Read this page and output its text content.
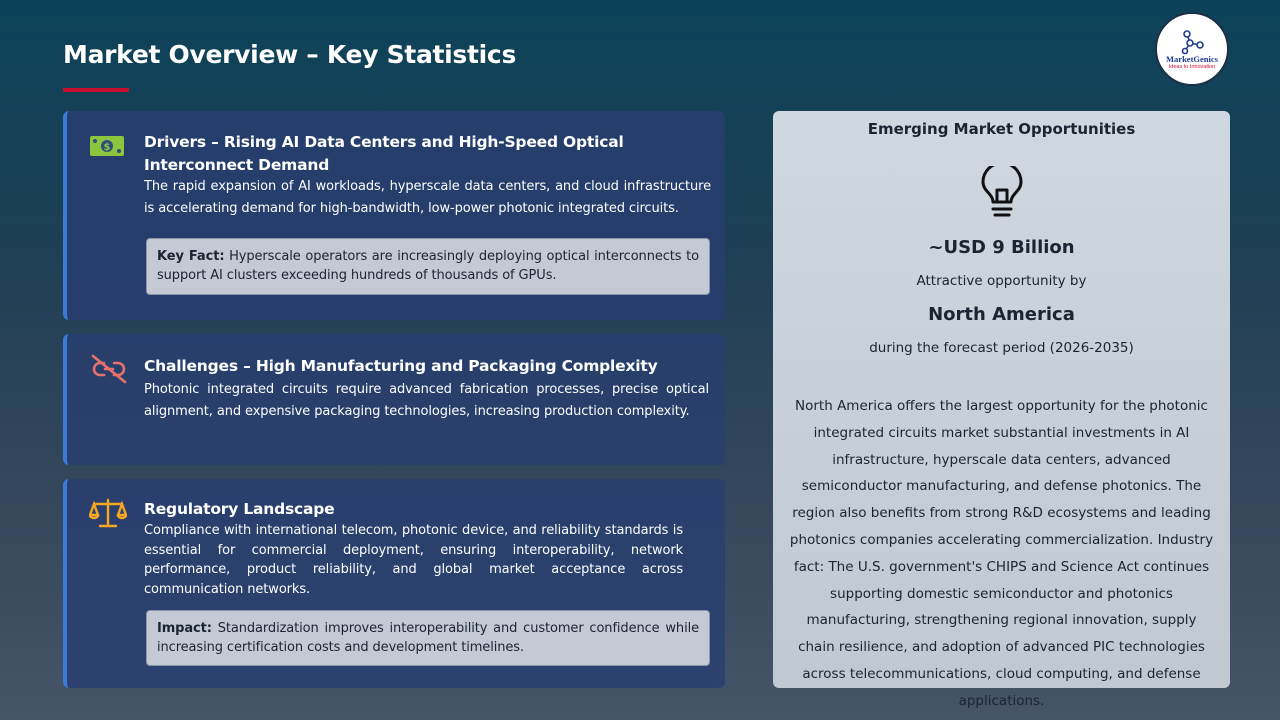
Market Overview – Key Statistics	MarketGenics
Ideas to Innovation
$ Drivers – Rising AI Data Centers and High-Speed Optical Interconnect Demand

The rapid expansion of AI workloads, hyperscale data centers, and cloud infrastructure is accelerating demand for high-bandwidth, low-power photonic integrated circuits.

Key Fact: Hyperscale operators are increasingly deploying optical interconnects to support AI clusters exceeding hundreds of thousands of GPUs.
Challenges – High Manufacturing and Packaging Complexity

Photonic integrated circuits require advanced fabrication processes, precise optical alignment, and expensive packaging technologies, increasing production complexity.

Regulatory Landscape

Compliance with international telecom, photonic device, and reliability standards is essential for commercial deployment, ensuring interoperability, network performance, product reliability, and global market acceptance across communication networks.

Impact: Standardization improves interoperability and customer confidence while increasing certification costs and development timelines.
Emerging Market Opportunities
~USD 9 Billion
Attractive opportunity by
North America
during the forecast period (2026-2035)

North America offers the largest opportunity for the photonic integrated circuits market substantial investments in AI infrastructure, hyperscale data centers, advanced semiconductor manufacturing, and defense photonics. The region also benefits from strong R&D ecosystems and leading photonics companies accelerating commercialization. Industry fact: The U.S. government's CHIPS and Science Act continues supporting domestic semiconductor and photonics manufacturing, strengthening regional innovation, supply chain resilience, and adoption of advanced PIC technologies across telecommunications, cloud computing, and defense applications.
